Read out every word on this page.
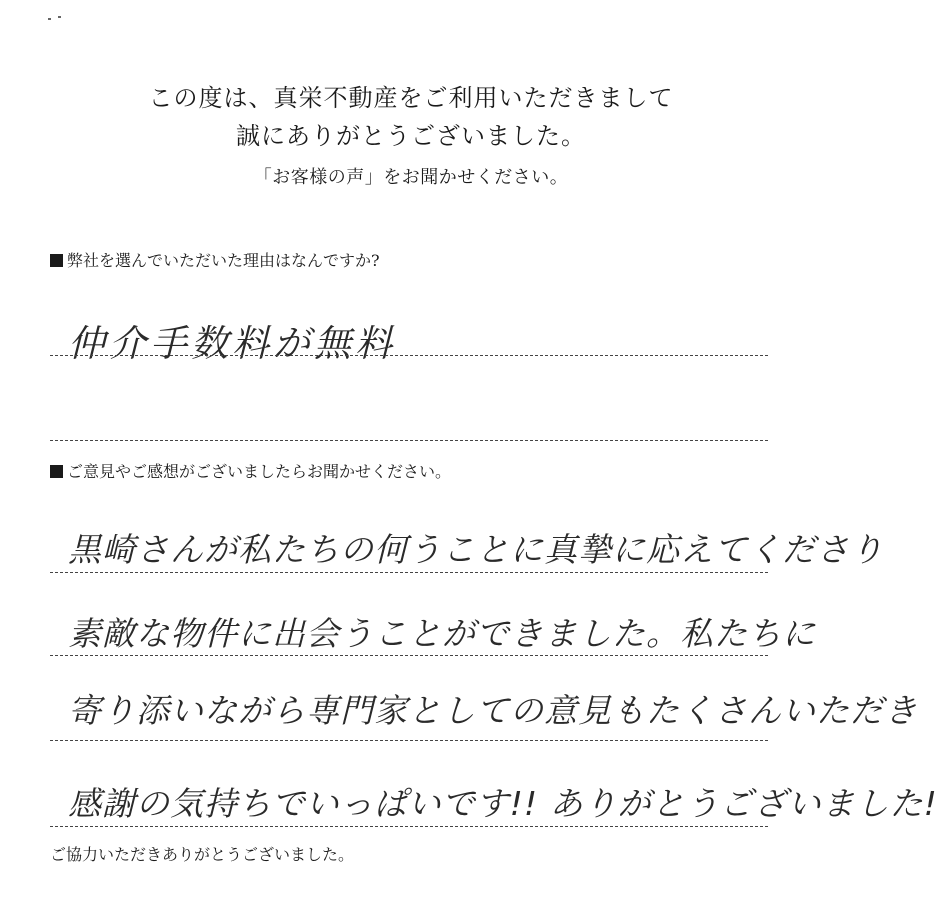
この度は、真栄不動産をご利用いただきまして
誠にありがとうございました。
「お客様の声」をお聞かせください。
弊社を選んでいただいた理由はなんですか?
仲介手数料が無料
ご意見やご感想がございましたらお聞かせください。
黒崎さんが私たちの何うことに真摯に応えてくださり
素敵な物件に出会うことができました。私たちに
寄り添いながら専門家としての意見もたくさんいただき
感謝の気持ちでいっぱいです!! ありがとうございました!
ご協力いただきありがとうございました。
